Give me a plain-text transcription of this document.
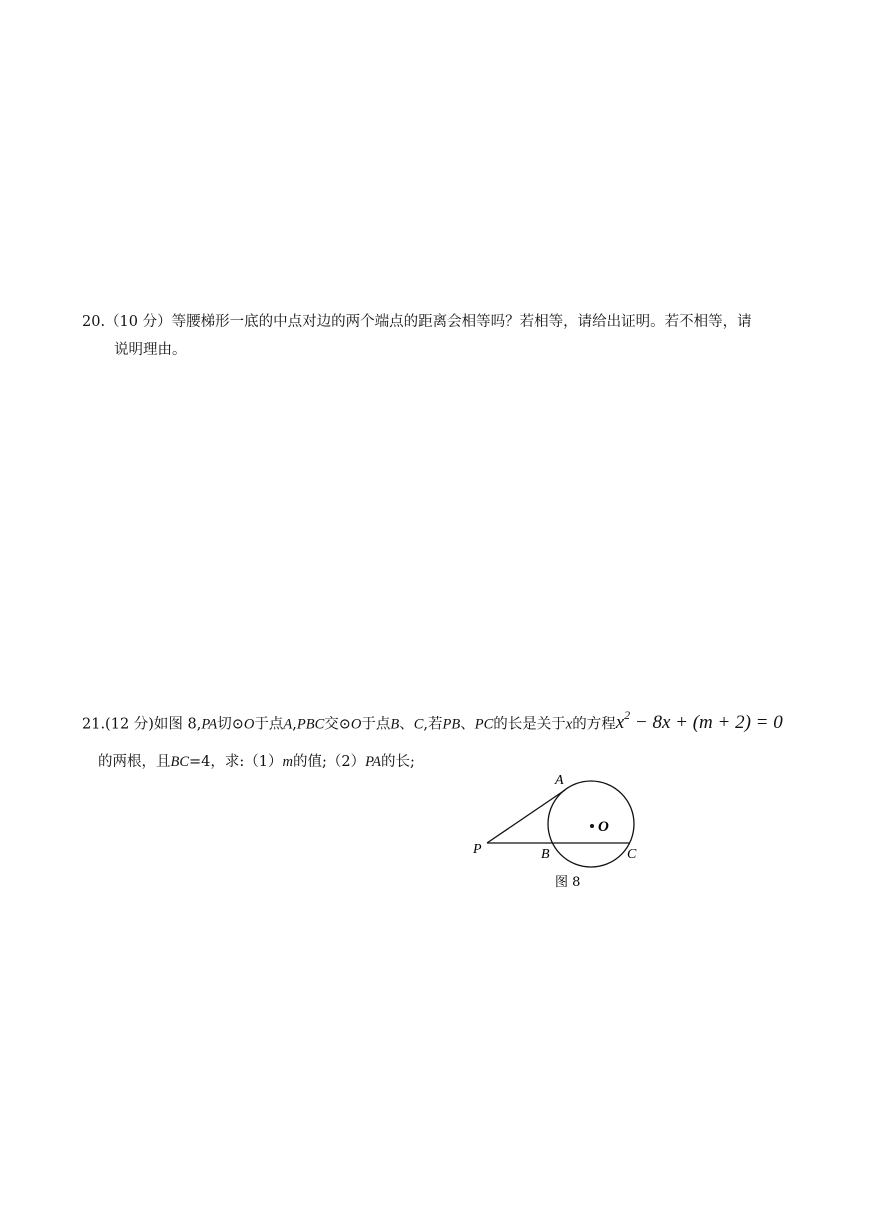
20.（10 分）等腰梯形一底的中点对边的两个端点的距离会相等吗？若相等，请给出证明。若不相等，请
说明理由。
21.(12 分)如图 8,PA切⊙O于点A,PBC交⊙O于点B、C,若PB、PC的长是关于x的方程$x^2 - 8x + (m + 2) = 0$
的两根，且BC=4，求:（1）m的值;（2）PA的长;
A
O
P	B	C
图 8
